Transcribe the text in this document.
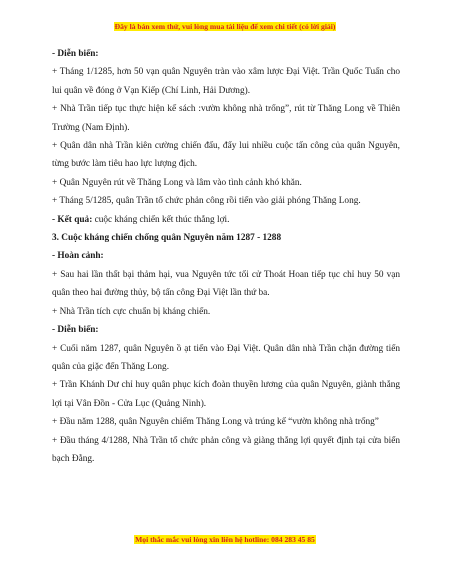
Đây là bản xem thử, vui lòng mua tài liệu để xem chi tiết (có lời giải)

- Diễn biến:

+ Tháng 1/1285, hơn 50 vạn quân Nguyên tràn vào xâm lược Đại Việt. Trần Quốc Tuấn cho lui quân về đóng ở Vạn Kiếp (Chí Linh, Hải Dương).

+ Nhà Trần tiếp tục thực hiện kế sách :vườn không nhà trống”, rút từ Thăng Long về Thiên Trường (Nam Định).

+ Quân dân nhà Trần kiên cường chiến đấu, đẩy lui nhiều cuộc tấn công của quân Nguyên, từng bước làm tiêu hao lực lượng địch.

+ Quân Nguyên rút về Thăng Long và lâm vào tình cảnh khó khăn.

+ Tháng 5/1285, quân Trần tổ chức phản công rồi tiến vào giải phóng Thăng Long.

- Kết quả: cuộc kháng chiến kết thúc thắng lợi.

3. Cuộc kháng chiến chống quân Nguyên năm 1287 - 1288

- Hoàn cảnh:

+ Sau hai lần thất bại thảm hại, vua Nguyên tức tối cử Thoát Hoan tiếp tục chỉ huy 50 vạn quân theo hai đường thủy, bộ tấn công Đại Việt lần thứ ba.

+ Nhà Trần tích cực chuẩn bị kháng chiến.

- Diễn biến:

+ Cuối năm 1287, quân Nguyên ồ ạt tiến vào Đại Việt. Quân dân nhà Trần chặn đường tiến quân của giặc đến Thăng Long.

+ Trần Khánh Dư chỉ huy quân phục kích đoàn thuyền lương của quân Nguyên, giành thắng lợi tại Vân Đồn - Cửa Lục (Quảng Ninh).

+ Đầu năm 1288, quân Nguyên chiếm Thăng Long và trúng kế “vườn không nhà trống”

+ Đầu tháng 4/1288, Nhà Trần tổ chức phản công và giàng thắng lợi quyết định tại cửa biển bạch Đằng.

Mọi thắc mắc vui lòng xin liên hệ hotline: 084 283 45 85
